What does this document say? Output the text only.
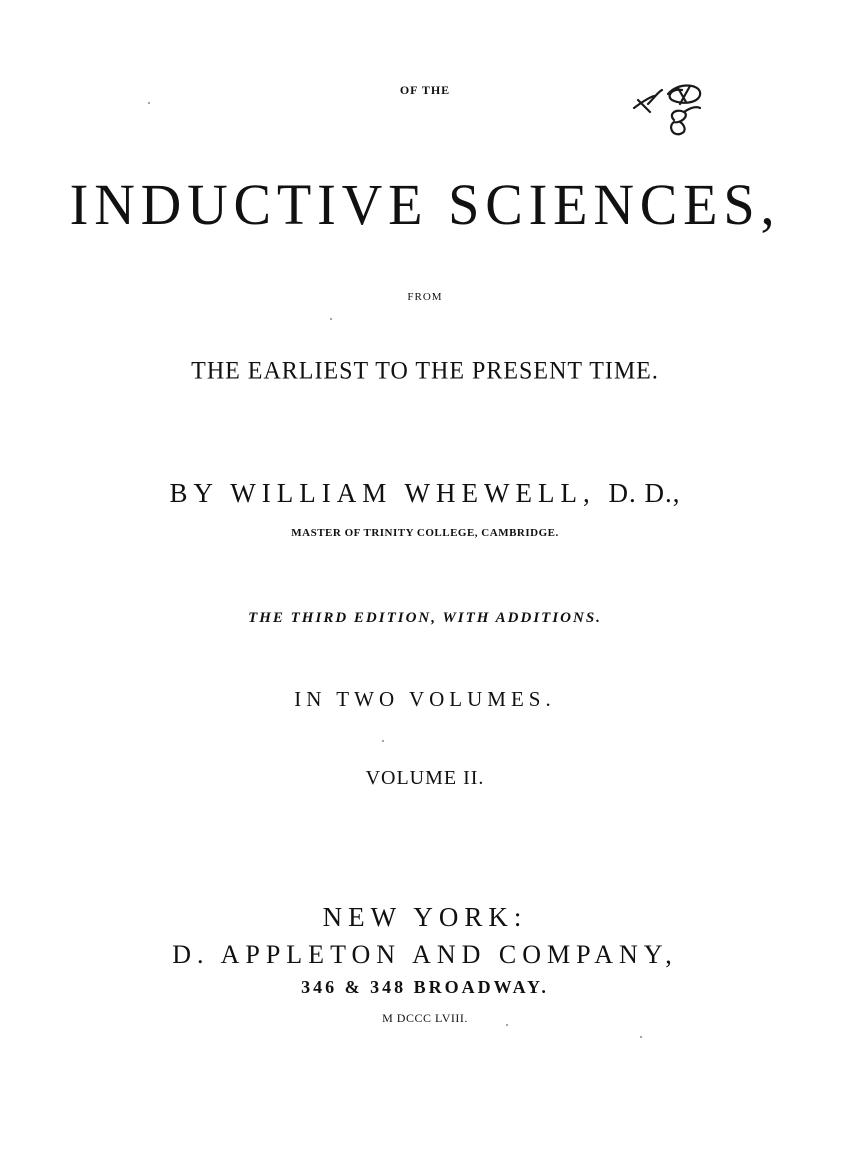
OF THE
INDUCTIVE SCIENCES,
FROM
THE EARLIEST TO THE PRESENT TIME.
BY WILLIAM WHEWELL, D. D.,
MASTER OF TRINITY COLLEGE, CAMBRIDGE.
THE THIRD EDITION, WITH ADDITIONS.
IN TWO VOLUMES.
VOLUME II.
NEW YORK:
D. APPLETON AND COMPANY,
346 & 348 BROADWAY.
M DCCC LVIII.
